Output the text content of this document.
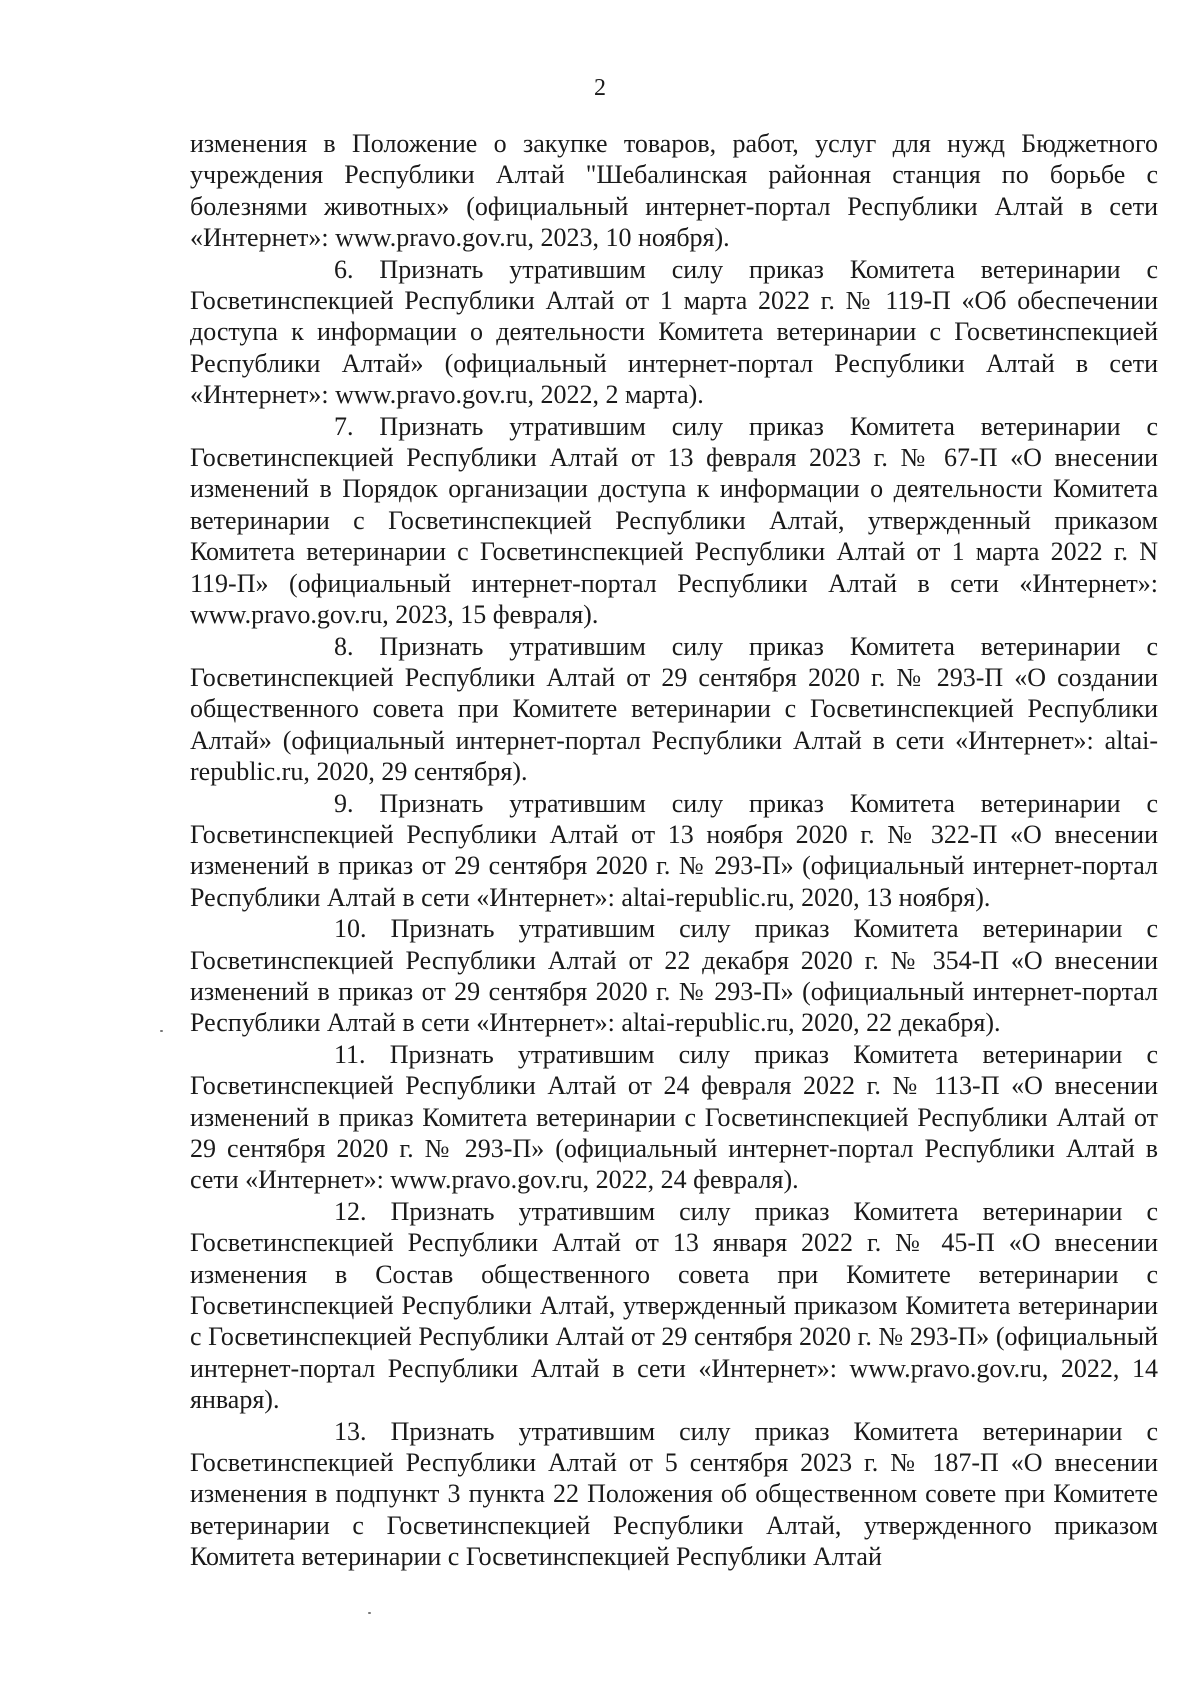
2

изменения в Положение о закупке товаров, работ, услуг для нужд Бюджетного учреждения Республики Алтай "Шебалинская районная станция по борьбе с болезнями животных» (официальный интернет-портал Республики Алтай в сети «Интернет»: www.pravo.gov.ru, 2023, 10 ноября).

6. Признать утратившим силу приказ Комитета ветеринарии с Госветинспекцией Республики Алтай от 1 марта 2022 г. № 119-П «Об обеспечении доступа к информации о деятельности Комитета ветеринарии с Госветинспекцией Республики Алтай» (официальный интернет-портал Республики Алтай в сети «Интернет»: www.pravo.gov.ru, 2022, 2 марта).

7. Признать утратившим силу приказ Комитета ветеринарии с Госветинспекцией Республики Алтай от 13 февраля 2023 г. № 67-П «О внесении изменений в Порядок организации доступа к информации о деятельности Комитета ветеринарии с Госветинспекцией Республики Алтай, утвержденный приказом Комитета ветеринарии с Госветинспекцией Республики Алтай от 1 марта 2022 г. N 119-П» (официальный интернет-портал Республики Алтай в сети «Интернет»: www.pravo.gov.ru, 2023, 15 февраля).

8. Признать утратившим силу приказ Комитета ветеринарии с Госветинспекцией Республики Алтай от 29 сентября 2020 г. № 293-П «О создании общественного совета при Комитете ветеринарии с Госветинспекцией Республики Алтай» (официальный интернет-портал Республики Алтай в сети «Интернет»: altai-republic.ru, 2020, 29 сентября).

9. Признать утратившим силу приказ Комитета ветеринарии с Госветинспекцией Республики Алтай от 13 ноября 2020 г. № 322-П «О внесении изменений в приказ от 29 сентября 2020 г. № 293-П» (официальный интернет-портал Республики Алтай в сети «Интернет»: altai-republic.ru, 2020, 13 ноября).

10. Признать утратившим силу приказ Комитета ветеринарии с Госветинспекцией Республики Алтай от 22 декабря 2020 г. № 354-П «О внесении изменений в приказ от 29 сентября 2020 г. № 293-П» (официальный интернет-портал Республики Алтай в сети «Интернет»: altai-republic.ru, 2020, 22 декабря).

11. Признать утратившим силу приказ Комитета ветеринарии с Госветинспекцией Республики Алтай от 24 февраля 2022 г. № 113-П «О внесении изменений в приказ Комитета ветеринарии с Госветинспекцией Республики Алтай от 29 сентября 2020 г. № 293-П» (официальный интернет-портал Республики Алтай в сети «Интернет»: www.pravo.gov.ru, 2022, 24 февраля).

12. Признать утратившим силу приказ Комитета ветеринарии с Госветинспекцией Республики Алтай от 13 января 2022 г. № 45-П «О внесении изменения в Состав общественного совета при Комитете ветеринарии с Госветинспекцией Республики Алтай, утвержденный приказом Комитета ветеринарии с Госветинспекцией Республики Алтай от 29 сентября 2020 г. № 293-П» (официальный интернет-портал Республики Алтай в сети «Интернет»: www.pravo.gov.ru, 2022, 14 января).

13. Признать утратившим силу приказ Комитета ветеринарии с Госветинспекцией Республики Алтай от 5 сентября 2023 г. № 187-П «О внесении изменения в подпункт 3 пункта 22 Положения об общественном совете при Комитете ветеринарии с Госветинспекцией Республики Алтай, утвержденного приказом Комитета ветеринарии с Госветинспекцией Республики Алтай
